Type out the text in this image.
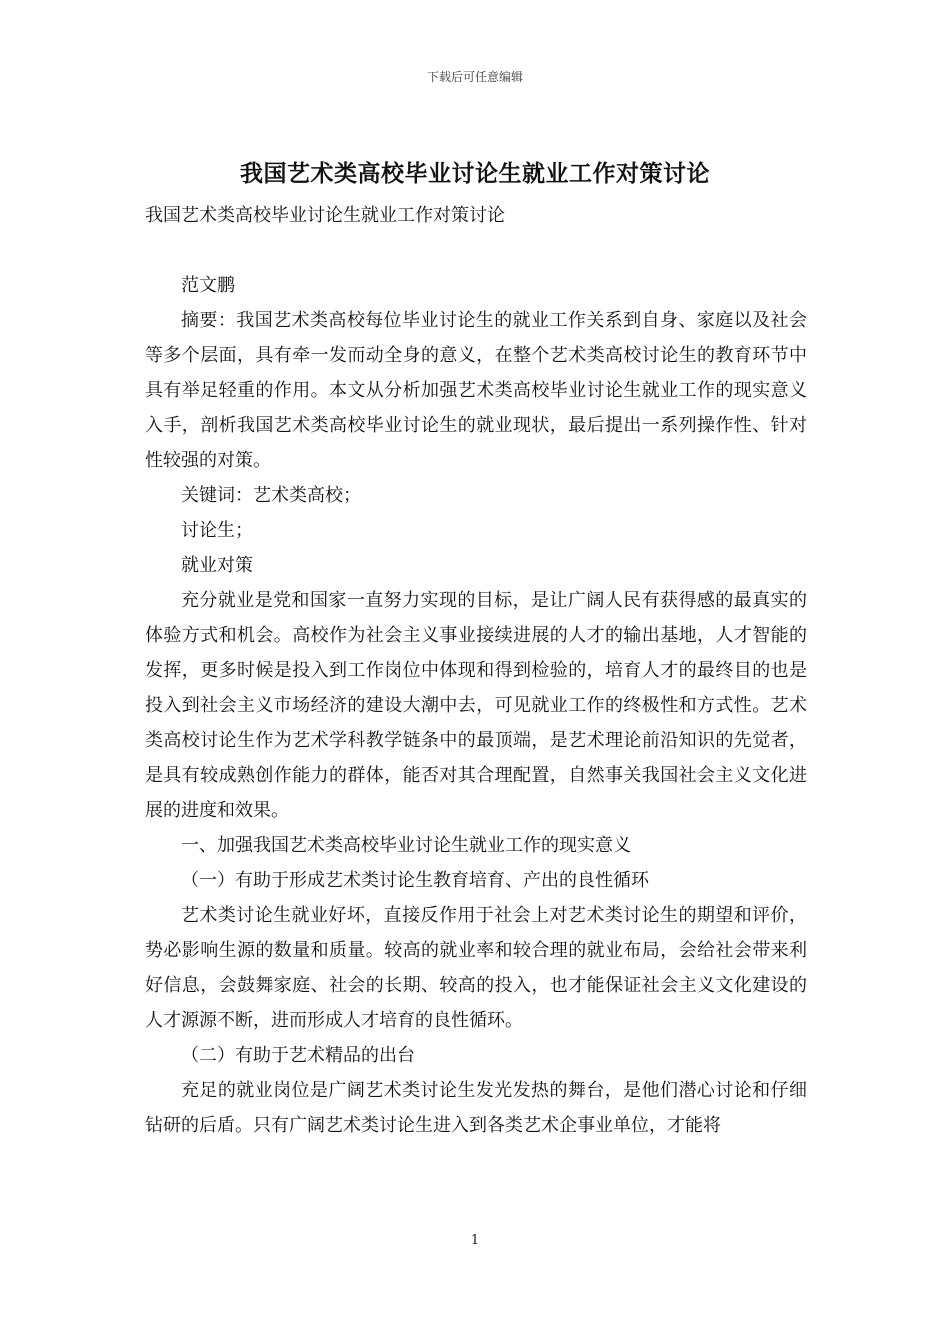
下载后可任意编辑
我国艺术类高校毕业讨论生就业工作对策讨论

我国艺术类高校毕业讨论生就业工作对策讨论

范文鹏

摘要：我国艺术类高校每位毕业讨论生的就业工作关系到自身、家庭以及社会等多个层面，具有牵一发而动全身的意义，在整个艺术类高校讨论生的教育环节中具有举足轻重的作用。本文从分析加强艺术类高校毕业讨论生就业工作的现实意义入手，剖析我国艺术类高校毕业讨论生的就业现状，最后提出一系列操作性、针对性较强的对策。

关键词：艺术类高校；

讨论生；

就业对策

充分就业是党和国家一直努力实现的目标，是让广阔人民有获得感的最真实的体验方式和机会。高校作为社会主义事业接续进展的人才的输出基地，人才智能的发挥，更多时候是投入到工作岗位中体现和得到检验的，培育人才的最终目的也是投入到社会主义市场经济的建设大潮中去，可见就业工作的终极性和方式性。艺术类高校讨论生作为艺术学科教学链条中的最顶端，是艺术理论前沿知识的先觉者，是具有较成熟创作能力的群体，能否对其合理配置，自然事关我国社会主义文化进展的进度和效果。

一、加强我国艺术类高校毕业讨论生就业工作的现实意义

（一）有助于形成艺术类讨论生教育培育、产出的良性循环

艺术类讨论生就业好坏，直接反作用于社会上对艺术类讨论生的期望和评价，势必影响生源的数量和质量。较高的就业率和较合理的就业布局，会给社会带来利好信息，会鼓舞家庭、社会的长期、较高的投入，也才能保证社会主义文化建设的人才源源不断，进而形成人才培育的良性循环。

（二）有助于艺术精品的出台

充足的就业岗位是广阔艺术类讨论生发光发热的舞台，是他们潜心讨论和仔细钻研的后盾。只有广阔艺术类讨论生进入到各类艺术企事业单位，才能将

1
